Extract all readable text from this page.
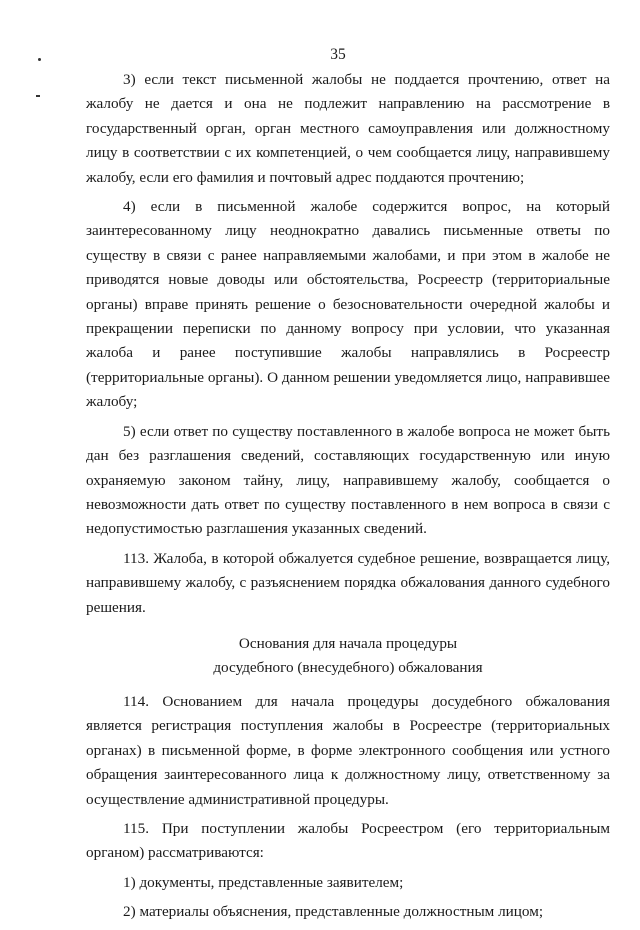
35

3) если текст письменной жалобы не поддается прочтению, ответ на жалобу не дается и она не подлежит направлению на рассмотрение в государственный орган, орган местного самоуправления или должностному лицу в соответствии с их компетенцией, о чем сообщается лицу, направившему жалобу, если его фамилия и почтовый адрес поддаются прочтению;

4) если в письменной жалобе содержится вопрос, на который заинтересованному лицу неоднократно давались письменные ответы по существу в связи с ранее направляемыми жалобами, и при этом в жалобе не приводятся новые доводы или обстоятельства, Росреестр (территориальные органы) вправе принять решение о безосновательности очередной жалобы и прекращении переписки по данному вопросу при условии, что указанная жалоба и ранее поступившие жалобы направлялись в Росреестр (территориальные органы). О данном решении уведомляется лицо, направившее жалобу;

5) если ответ по существу поставленного в жалобе вопроса не может быть дан без разглашения сведений, составляющих государственную или иную охраняемую законом тайну, лицу, направившему жалобу, сообщается о невозможности дать ответ по существу поставленного в нем вопроса в связи с недопустимостью разглашения указанных сведений.

113. Жалоба, в которой обжалуется судебное решение, возвращается лицу, направившему жалобу, с разъяснением порядка обжалования данного судебного решения.

Основания для начала процедуры
досудебного (внесудебного) обжалования

114. Основанием для начала процедуры досудебного обжалования является регистрация поступления жалобы в Росреестре (территориальных органах) в письменной форме, в форме электронного сообщения или устного обращения заинтересованного лица к должностному лицу, ответственному за осуществление административной процедуры.

115. При поступлении жалобы Росреестром (его территориальным органом) рассматриваются:

1) документы, представленные заявителем;

2) материалы объяснения, представленные должностным лицом;
